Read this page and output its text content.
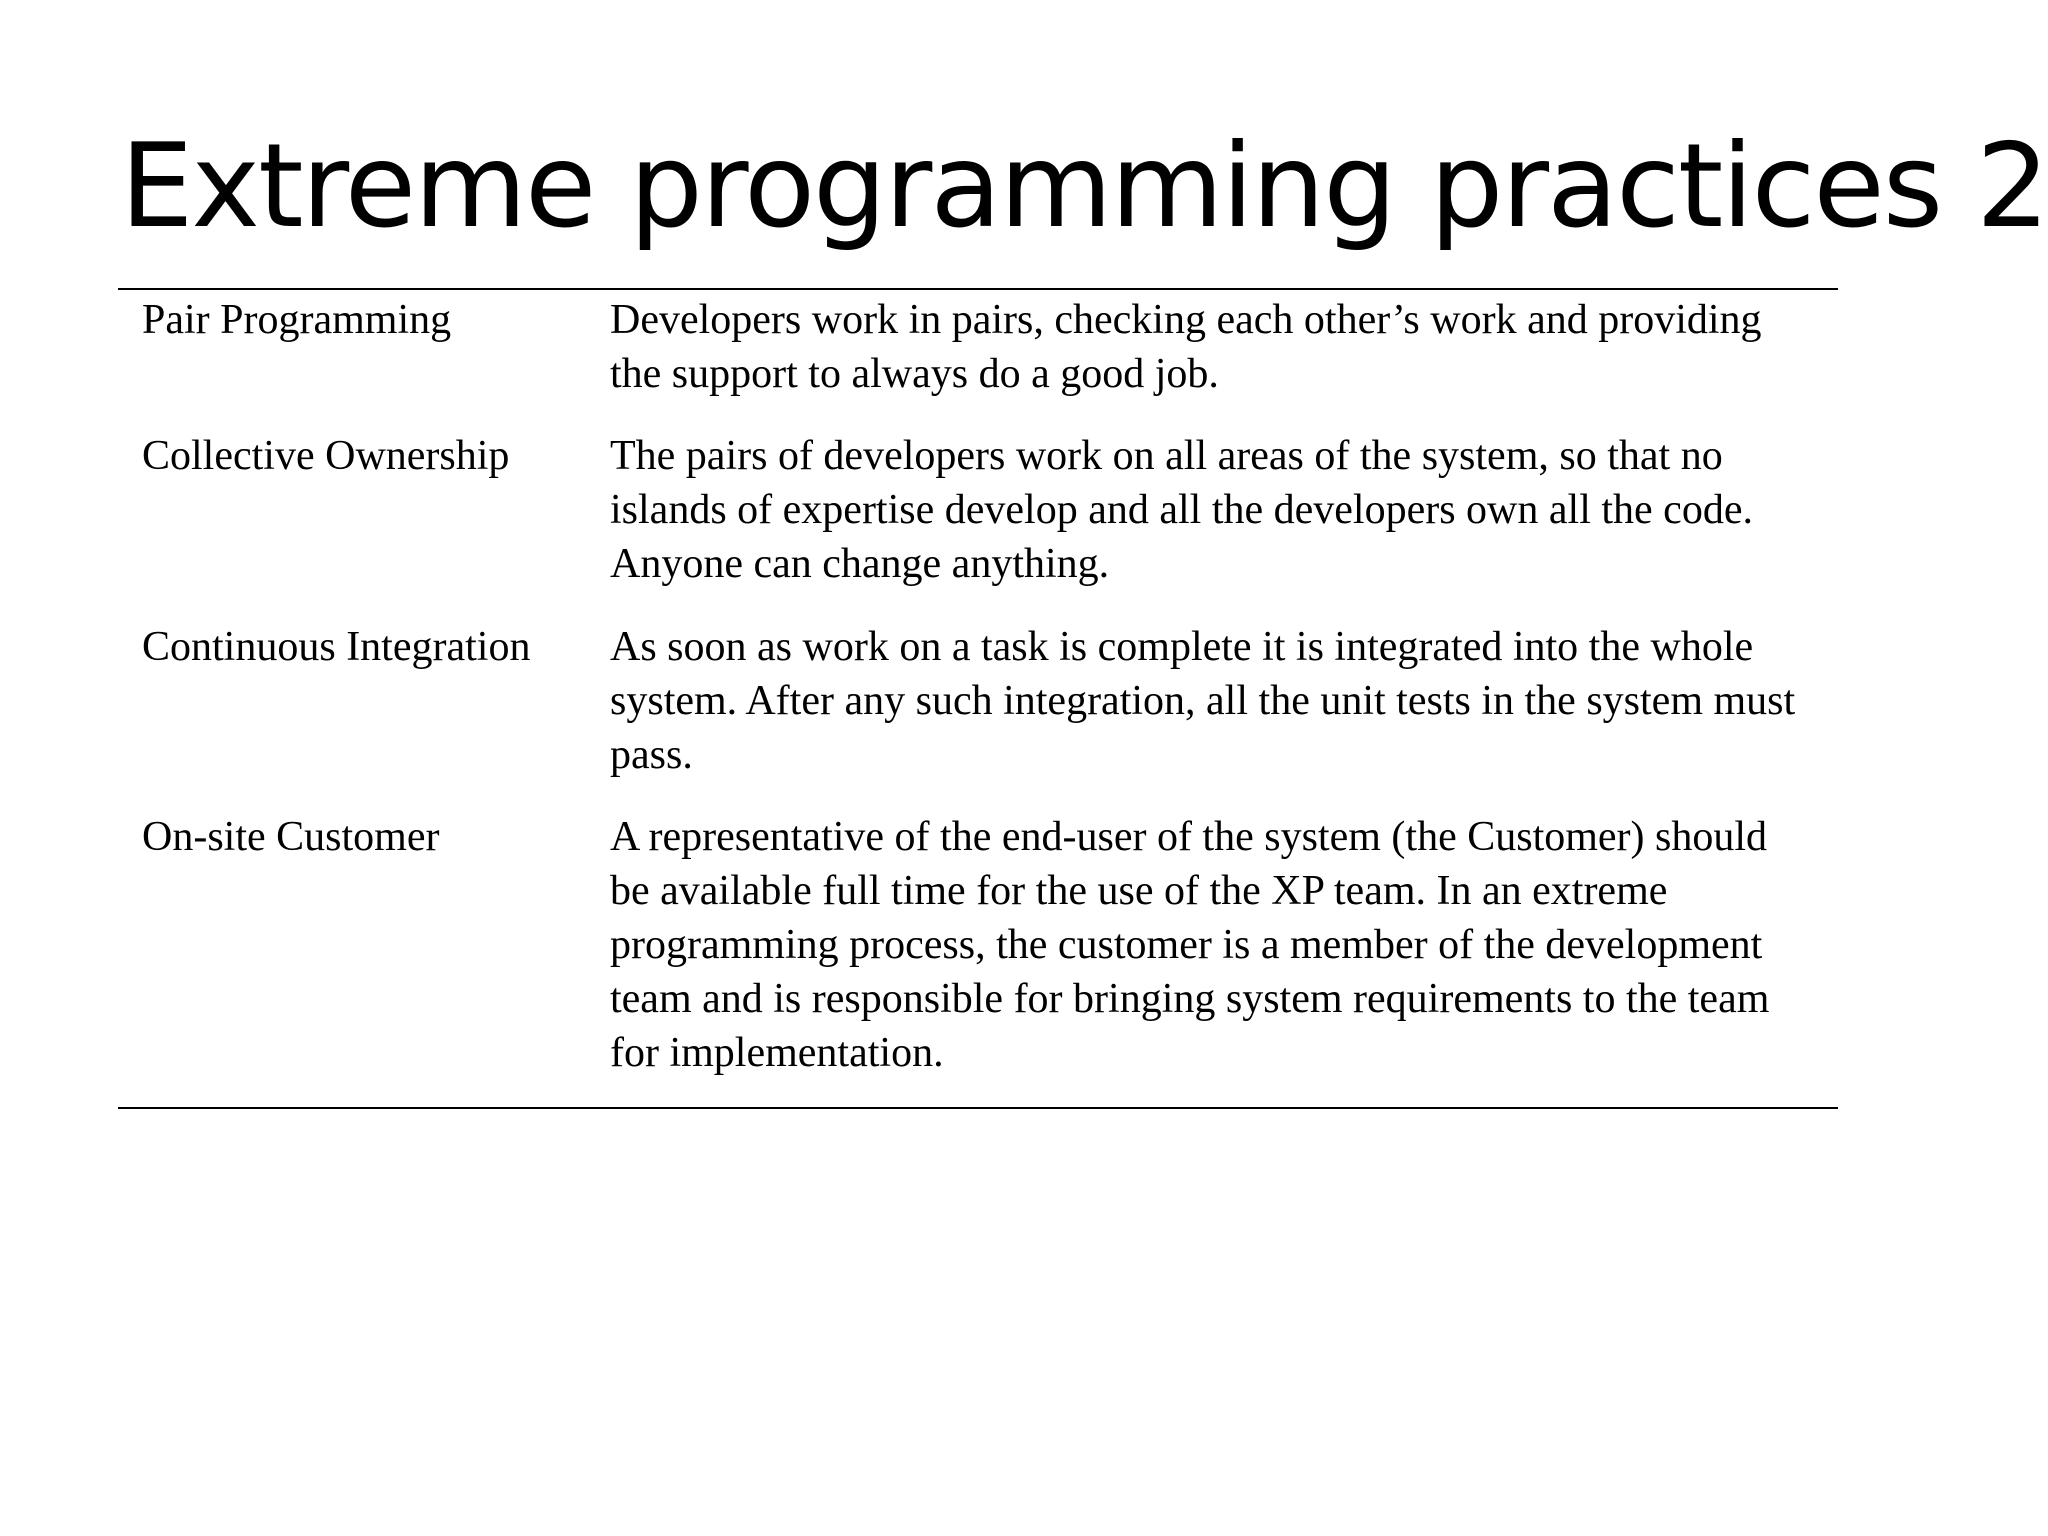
Extreme programming practices 2
Pair Programming	Developers work in pairs, checking each other’s work and providing the support to always do a good job.
Collective Ownership	The pairs of developers work on all areas of the system, so that no islands of expertise develop and all the developers own all the code. Anyone can change anything.
Continuous Integration	As soon as work on a task is complete it is integrated into the whole system. After any such integration, all the unit tests in the system must pass.
On-site Customer	A representative of the end-user of the system (the Customer) should be available full time for the use of the XP team. In an extreme programming process, the customer is a member of the development team and is responsible for bringing system requirements to the team for implementation.
